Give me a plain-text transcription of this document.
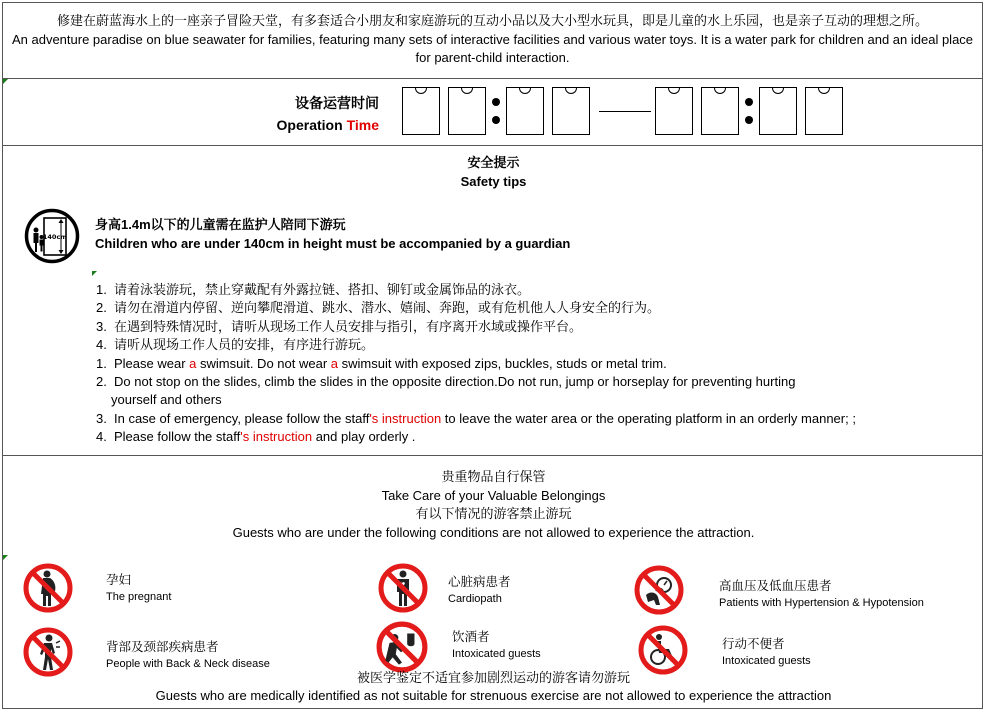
修建在蔚蓝海水上的一座亲子冒险天堂，有多套适合小朋友和家庭游玩的互动小品以及大小型水玩具，即是儿童的水上乐园，也是亲子互动的理想之所。
An adventure paradise on blue seawater for families, featuring many sets of interactive facilities and various water toys. It is a water park for children and an ideal place for parent-child interaction.
设备运营时间
Operation Time
安全提示
Safety tips
140cm
身高1.4m以下的儿童需在监护人陪同下游玩
Children who are under 140cm in height must be accompanied by a guardian
1. 请着泳装游玩，禁止穿戴配有外露拉链、搭扣、铆钉或金属饰品的泳衣。
2. 请勿在滑道内停留、逆向攀爬滑道、跳水、潜水、嬉闹、奔跑，或有危机他人人身安全的行为。
3. 在遇到特殊情况时，请听从现场工作人员安排与指引，有序离开水域或操作平台。
4. 请听从现场工作人员的安排，有序进行游玩。
1. Please wear a swimsuit. Do not wear a swimsuit with exposed zips, buckles, studs or metal trim.
2. Do not stop on the slides, climb the slides in the opposite direction.Do not run, jump or horseplay for preventing hurting
yourself and others
3. In case of emergency, please follow the staff's instruction to leave the water area or the operating platform in an orderly manner; ;
4. Please follow the staff's instruction and play orderly .
贵重物品自行保管
Take Care of your Valuable Belongings
有以下情况的游客禁止游玩
Guests who are under the following conditions are not allowed to experience the attraction.
孕妇
The pregnant
心脏病患者
Cardiopath
高血压及低血压患者
Patients with Hypertension & Hypotension
背部及颈部疾病患者
People with Back & Neck disease
饮酒者
Intoxicated guests
行动不便者
Intoxicated guests
被医学鉴定不适宜参加剧烈运动的游客请勿游玩
Guests who are medically identified as not suitable for strenuous exercise are not allowed to experience the attraction
